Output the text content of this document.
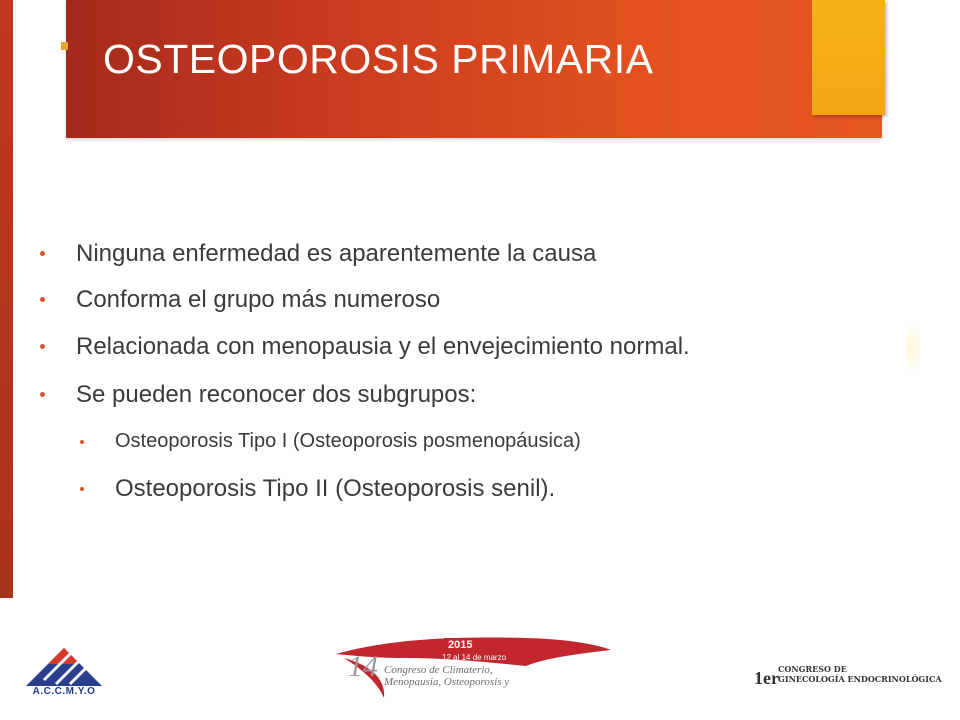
OSTEOPOROSIS PRIMARIA
Ninguna enfermedad es aparentemente la causa
Conforma el grupo más numeroso
Relacionada con menopausia y el envejecimiento normal.
Se pueden reconocer dos subgrupos:
Osteoporosis Tipo I (Osteoporosis posmenopáusica)
Osteoporosis Tipo II (Osteoporosis senil).
A.C.C.M.Y.O
14
2015
12 al 14 de marzo
Congreso de Climaterio,
Menopausia, Osteoporosis y	1er CONGRESO DE
GINECOLOGÍA ENDOCRINOLÓGICA
